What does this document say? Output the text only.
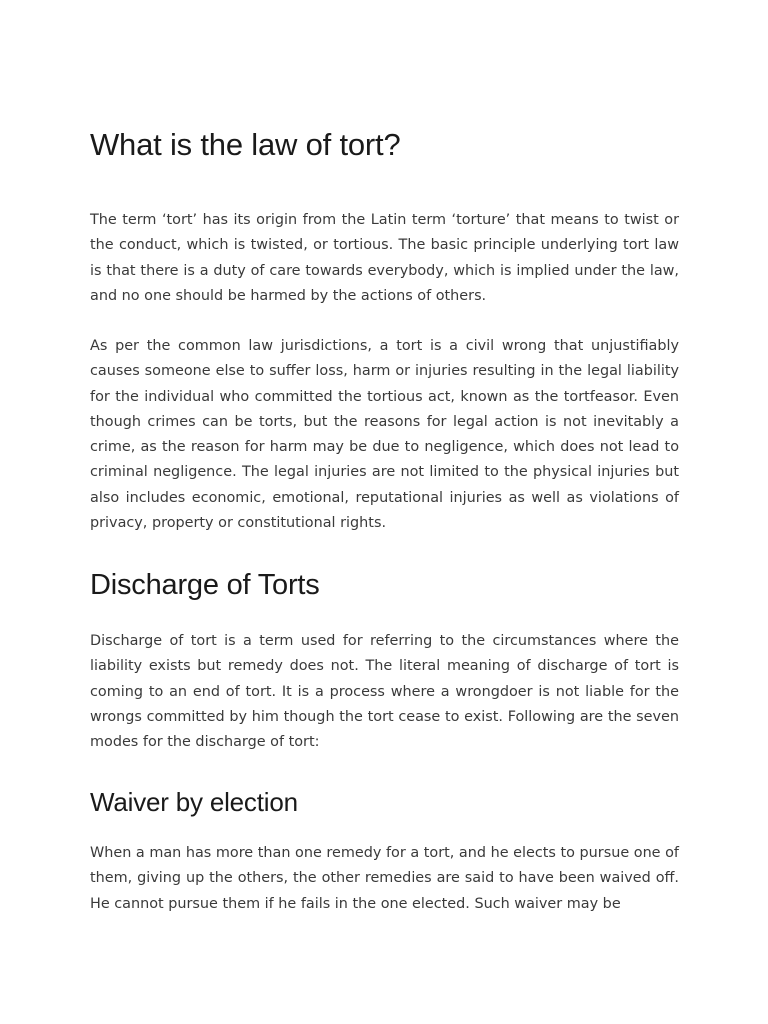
What is the law of tort?

The term ‘tort’ has its origin from the Latin term ‘torture’ that means to twist or the conduct, which is twisted, or tortious. The basic principle underlying tort law is that there is a duty of care towards everybody, which is implied under the law, and no one should be harmed by the actions of others.

As per the common law jurisdictions, a tort is a civil wrong that unjustifiably causes someone else to suffer loss, harm or injuries resulting in the legal liability for the individual who committed the tortious act, known as the tortfeasor. Even though crimes can be torts, but the reasons for legal action is not inevitably a crime, as the reason for harm may be due to negligence, which does not lead to criminal negligence. The legal injuries are not limited to the physical injuries but also includes economic, emotional, reputational injuries as well as violations of privacy, property or constitutional rights.

Discharge of Torts

Discharge of tort is a term used for referring to the circumstances where the liability exists but remedy does not. The literal meaning of discharge of tort is coming to an end of tort. It is a process where a wrongdoer is not liable for the wrongs committed by him though the tort cease to exist. Following are the seven modes for the discharge of tort:

Waiver by election

When a man has more than one remedy for a tort, and he elects to pursue one of them, giving up the others, the other remedies are said to have been waived off. He cannot pursue them if he fails in the one elected. Such waiver may be
